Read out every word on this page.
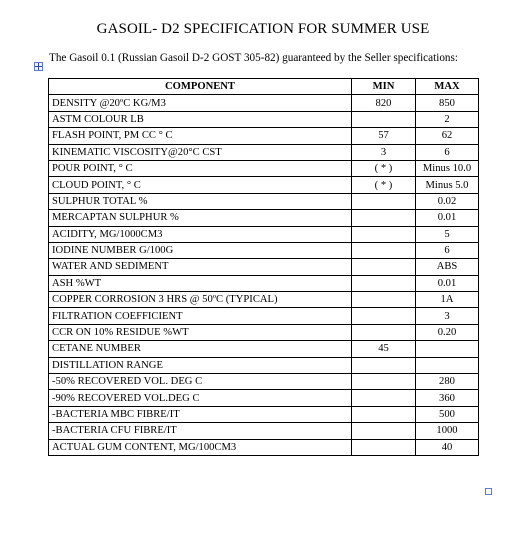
GASOIL- D2 SPECIFICATION FOR SUMMER USE
The Gasoil 0.1 (Russian Gasoil D-2 GOST 305-82) guaranteed by the Seller specifications:
COMPONENT	MIN	MAX
DENSITY @20ºC KG/M3	820	850
ASTM COLOUR LB		2
FLASH POINT, PM CC ° C	57	62
KINEMATIC VISCOSITY@20°C CST	3	6
POUR POINT, ° C	( * )	Minus 10.0
CLOUD POINT, ° C	( * )	Minus 5.0
SULPHUR TOTAL %		0.02
MERCAPTAN SULPHUR %		0.01
ACIDITY, MG/1000CM3		5
IODINE NUMBER G/100G		6
WATER AND SEDIMENT		ABS
ASH %WT		0.01
COPPER CORROSION 3 HRS @ 50ºC (TYPICAL)		1A
FILTRATION COEFFICIENT		3
CCR ON 10% RESIDUE %WT		0.20
CETANE NUMBER	45	
DISTILLATION RANGE		
-50% RECOVERED VOL. DEG C		280
-90% RECOVERED VOL.DEG C		360
-BACTERIA MBC FIBRE/IT		500
-BACTERIA CFU FIBRE/IT		1000
ACTUAL GUM CONTENT, MG/100CM3		40
